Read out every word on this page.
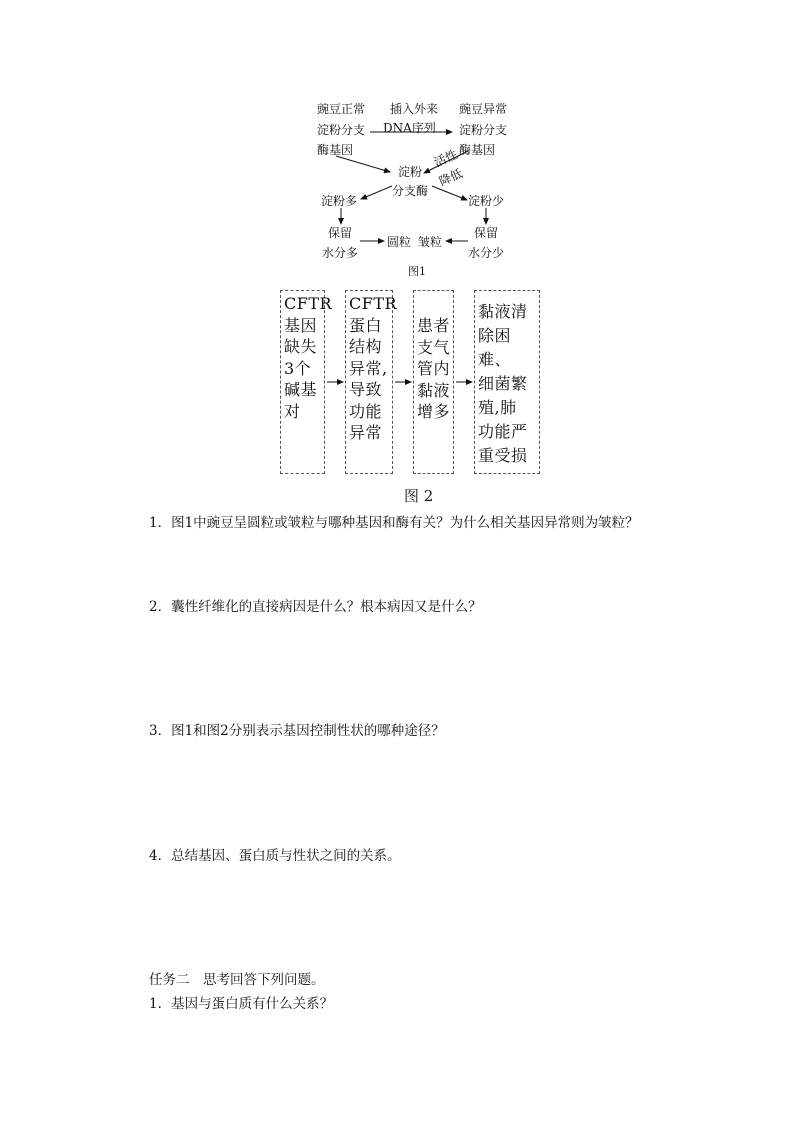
豌豆正常
淀粉分支
酶基因
插入外来
DNA序列
豌豆异常
淀粉分支
酶基因
淀粉
分支酶
活性
降低
淀粉多	淀粉少
保留
水分多
保留
水分少
圆粒 皱粒
图1
CFTR
基因
缺失
3个
碱基
对
CFTR
蛋白
结构
异常,
导致
功能
异常
患者
支气
管内
黏液
增多
黏液清
除困难、
细菌繁
殖,肺
功能严
重受损
图 2
1．图1中豌豆呈圆粒或皱粒与哪种基因和酶有关？为什么相关基因异常则为皱粒？
2．囊性纤维化的直接病因是什么？根本病因又是什么？
3．图1和图2分别表示基因控制性状的哪种途径？
4．总结基因、蛋白质与性状之间的关系。
任务二　思考回答下列问题。
1．基因与蛋白质有什么关系？
